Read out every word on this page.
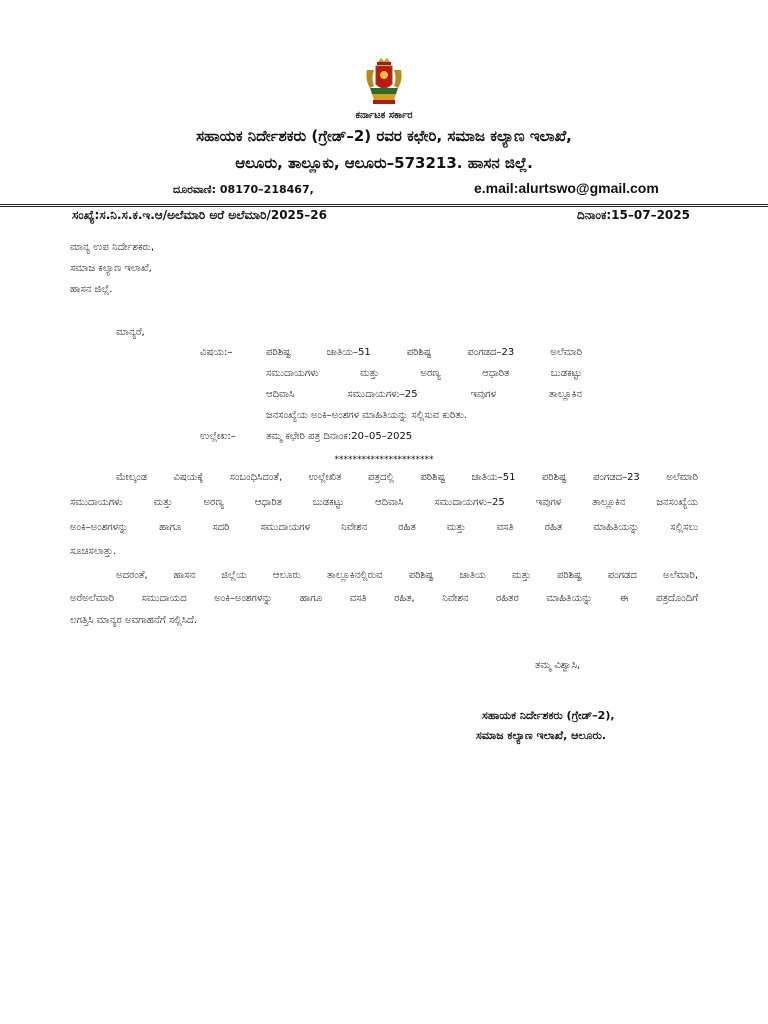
ಕರ್ನಾಟಕ ಸರ್ಕಾರ
ಸಹಾಯಕ ನಿರ್ದೇಶಕರು (ಗ್ರೇಡ್–2) ರವರ ಕಛೇರಿ, ಸಮಾಜ ಕಲ್ಯಾಣ ಇಲಾಖೆ,
ಆಲೂರು, ತಾಲ್ಲೂಕು, ಆಲೂರು–573213. ಹಾಸನ ಜಿಲ್ಲೆ.
ದೂರವಾಣಿ: 08170–218467,	e.mail:alurtswo@gmail.com
ಸಂಖ್ಯೆ:ಸ.ನಿ.ಸ.ಕ.ಇ.ಆ/ಅಲೆಮಾರಿ ಅರೆ ಅಲೆಮಾರಿ/2025–26	ದಿನಾಂಕ:15–07–2025
ಮಾನ್ಯ ಉಪ ನಿರ್ದೇಶಕರು,
ಸಮಾಜ ಕಲ್ಯಾಣ ಇಲಾಖೆ,
ಹಾಸನ ಜಿಲ್ಲೆ.
ಮಾನ್ಯರೆ,
ವಿಷಯ:–	ಪರಿಶಿಷ್ಟ ಜಾತಿಯ–51 ಪರಿಶಿಷ್ಟ ಪಂಗಡದ–23 ಅಲೆಮಾರಿ
ಸಮುದಾಯಗಳು ಮತ್ತು ಅರಣ್ಯ ಆಧಾರಿತ ಬುಡಕಟ್ಟು
ಆದಿವಾಸಿ ಸಮುದಾಯಗಳು–25 ಇವುಗಳ ತಾಲ್ಲೂಕಿನ
ಜನಸಂಖ್ಯೆಯ ಅಂಕಿ–ಅಂಶಗಳ ಮಾಹಿತಿಯನ್ನು ಸಲ್ಲಿಸುವ ಕುರಿತು.
ಉಲ್ಲೇಖ:–	ತಮ್ಮ ಕಛೇರಿ ಪತ್ರ ದಿನಾಂಕ:20–05–2025
**********************
ಮೇಲ್ಕಂಡ ವಿಷಯಕ್ಕೆ ಸಂಬಂಧಿಸಿದಂತೆ, ಉಲ್ಲೇಖಿತ ಪತ್ರದಲ್ಲಿ ಪರಿಶಿಷ್ಟ ಜಾತಿಯ–51 ಪರಿಶಿಷ್ಟ ಪಂಗಡದ–23 ಅಲೆಮಾರಿ
ಸಮುದಾಯಗಳು ಮತ್ತು ಅರಣ್ಯ ಆಧಾರಿತ ಬುಡಕಟ್ಟು ಆದಿವಾಸಿ ಸಮುದಾಯಗಳು–25 ಇವುಗಳ ತಾಲ್ಲೂಕಿನ ಜನಸಂಖ್ಯೆಯ
ಅಂಕಿ–ಅಂಶಗಳನ್ನು ಹಾಗೂ ಸದರಿ ಸಮುದಾಯಗಳ ನಿವೇಶನ ರಹಿತ ಮತ್ತು ವಸತಿ ರಹಿತ ಮಾಹಿತಿಯನ್ನು ಸಲ್ಲಿಸಲು
ಸೂಚಿಸಲಾತ್ತು.
ಅದರಂತೆ, ಹಾಸನ ಜಿಲ್ಲೆಯ ಆಲೂರು ತಾಲ್ಲೂಕಿನಲ್ಲಿರುವ ಪರಿಶಿಷ್ಟ ಜಾತಿಯ ಮತ್ತು ಪರಿಶಿಷ್ಟ ಪಂಗಡದ ಅಲೆಮಾರಿ,
ಅರೆಅಲೆಮಾರಿ ಸಮುದಾಯದ ಅಂಕಿ–ಅಂಶಗಳನ್ನು ಹಾಗೂ ವಸತಿ ರಹಿತ, ನಿವೇಶನ ರಹಿತರ ಮಾಹಿತಿಯನ್ನು ಈ ಪತ್ರದೊಂದಿಗೆ
ಲಗತ್ತಿಸಿ ಮಾನ್ಯರ ಅವಗಾಹನೆಗೆ ಸಲ್ಲಿಸಿದೆ.
ತಮ್ಮ ವಿಶ್ವಾಸಿ,
ಸಹಾಯಕ ನಿರ್ದೇಶಕರು (ಗ್ರೇಡ್–2),
ಸಮಾಜ ಕಲ್ಯಾಣ ಇಲಾಖೆ, ಆಲೂರು.
